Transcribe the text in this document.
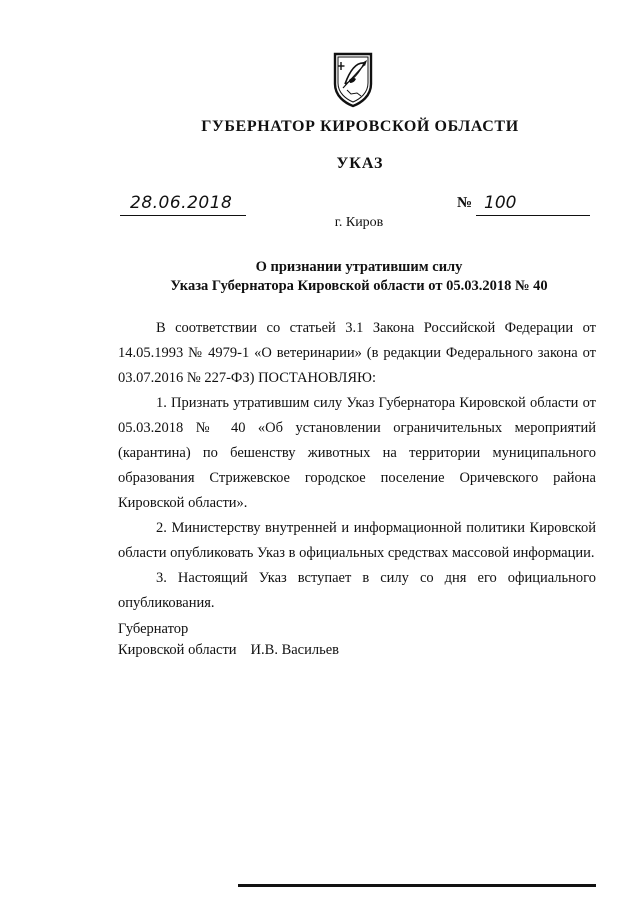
ГУБЕРНАТОР КИРОВСКОЙ ОБЛАСТИ
УКАЗ
28.06.2018	№ 100
г. Киров
О признании утратившим силу
Указа Губернатора Кировской области от 05.03.2018 № 40

В соответствии со статьей 3.1 Закона Российской Федерации от 14.05.1993 № 4979-1 «О ветеринарии» (в редакции Федерального закона от 03.07.2016 № 227-ФЗ) ПОСТАНОВЛЯЮ:

1. Признать утратившим силу Указ Губернатора Кировской области от 05.03.2018 № 40 «Об установлении ограничительных мероприятий (карантина) по бешенству животных на территории муниципального образования Стрижевское городское поселение Оричевского района Кировской области».

2. Министерству внутренней и информационной политики Кировской области опубликовать Указ в официальных средствах массовой информации.

3. Настоящий Указ вступает в силу со дня его официального опубликования.

Губернатор
Кировской области И.В. Васильев
